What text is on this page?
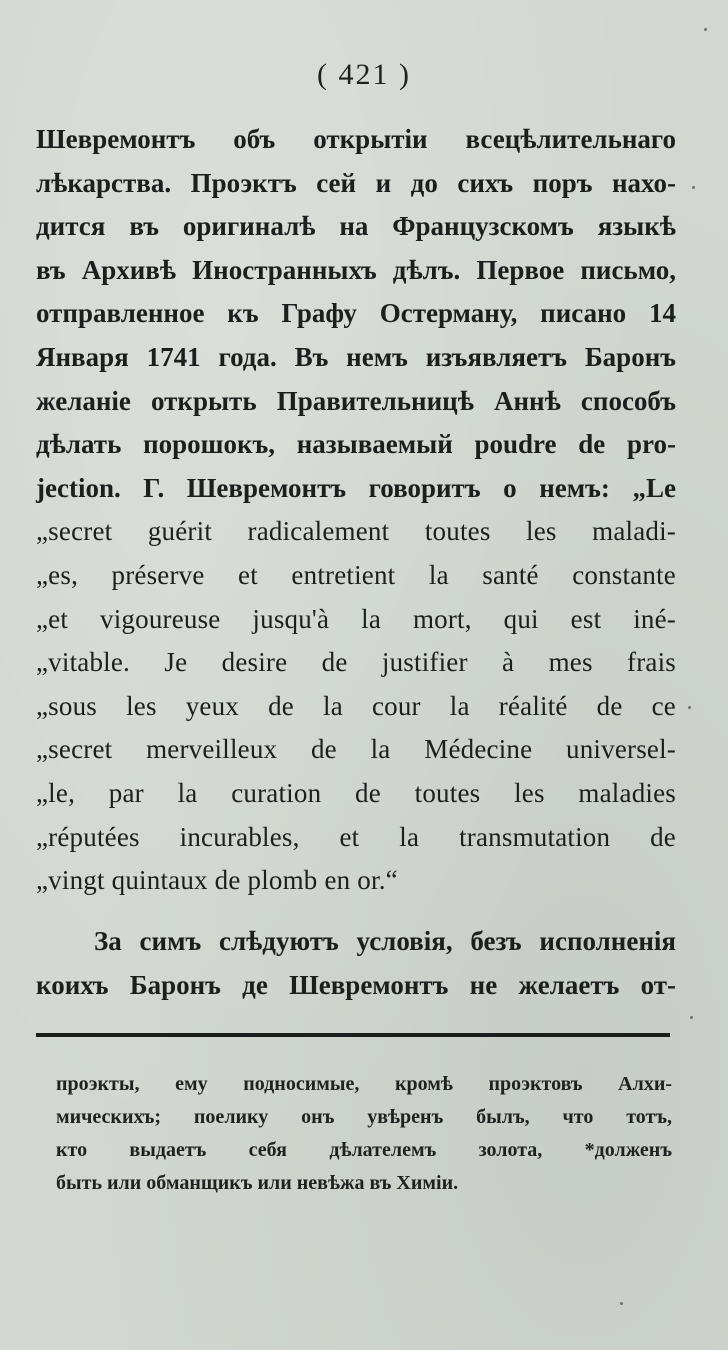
( 421 )
Шевремонтъ объ открытіи всецѣлительнаго
лѣкарства. Проэктъ сей и до сихъ поръ нахо-
дится въ оригиналѣ на Французскомъ языкѣ
въ Архивѣ Иностранныхъ дѣлъ. Первое письмо,
отправленное къ Графу Остерману, писано 14
Января 1741 года. Въ немъ изъявляетъ Баронъ
желаніе открыть Правительницѣ Аннѣ способъ
дѣлать порошокъ, называемый poudre de pro-
jection. Г. Шевремонтъ говоритъ о немъ: „Le
„secret guérit radicalement toutes les maladi-
„es, préserve et entretient la santé constante
„et vigoureuse jusqu'à la mort, qui est iné-
„vitable. Je desire de justifier à mes frais
„sous les yeux de la cour la réalité de ce
„secret merveilleux de la Médecine universel-
„le, par la curation de toutes les maladies
„réputées incurables, et la transmutation de
„vingt quintaux de plomb en or.“
За симъ слѣдуютъ условія, безъ исполненія
коихъ Баронъ де Шевремонтъ не желаетъ от-
проэкты, ему подносимые, кромѣ проэктовъ Алхи-
мическихъ; поелику онъ увѣренъ былъ, что тотъ,
кто выдаетъ себя дѣлателемъ золота, *долженъ
быть или обманщикъ или невѣжа въ Химіи.
